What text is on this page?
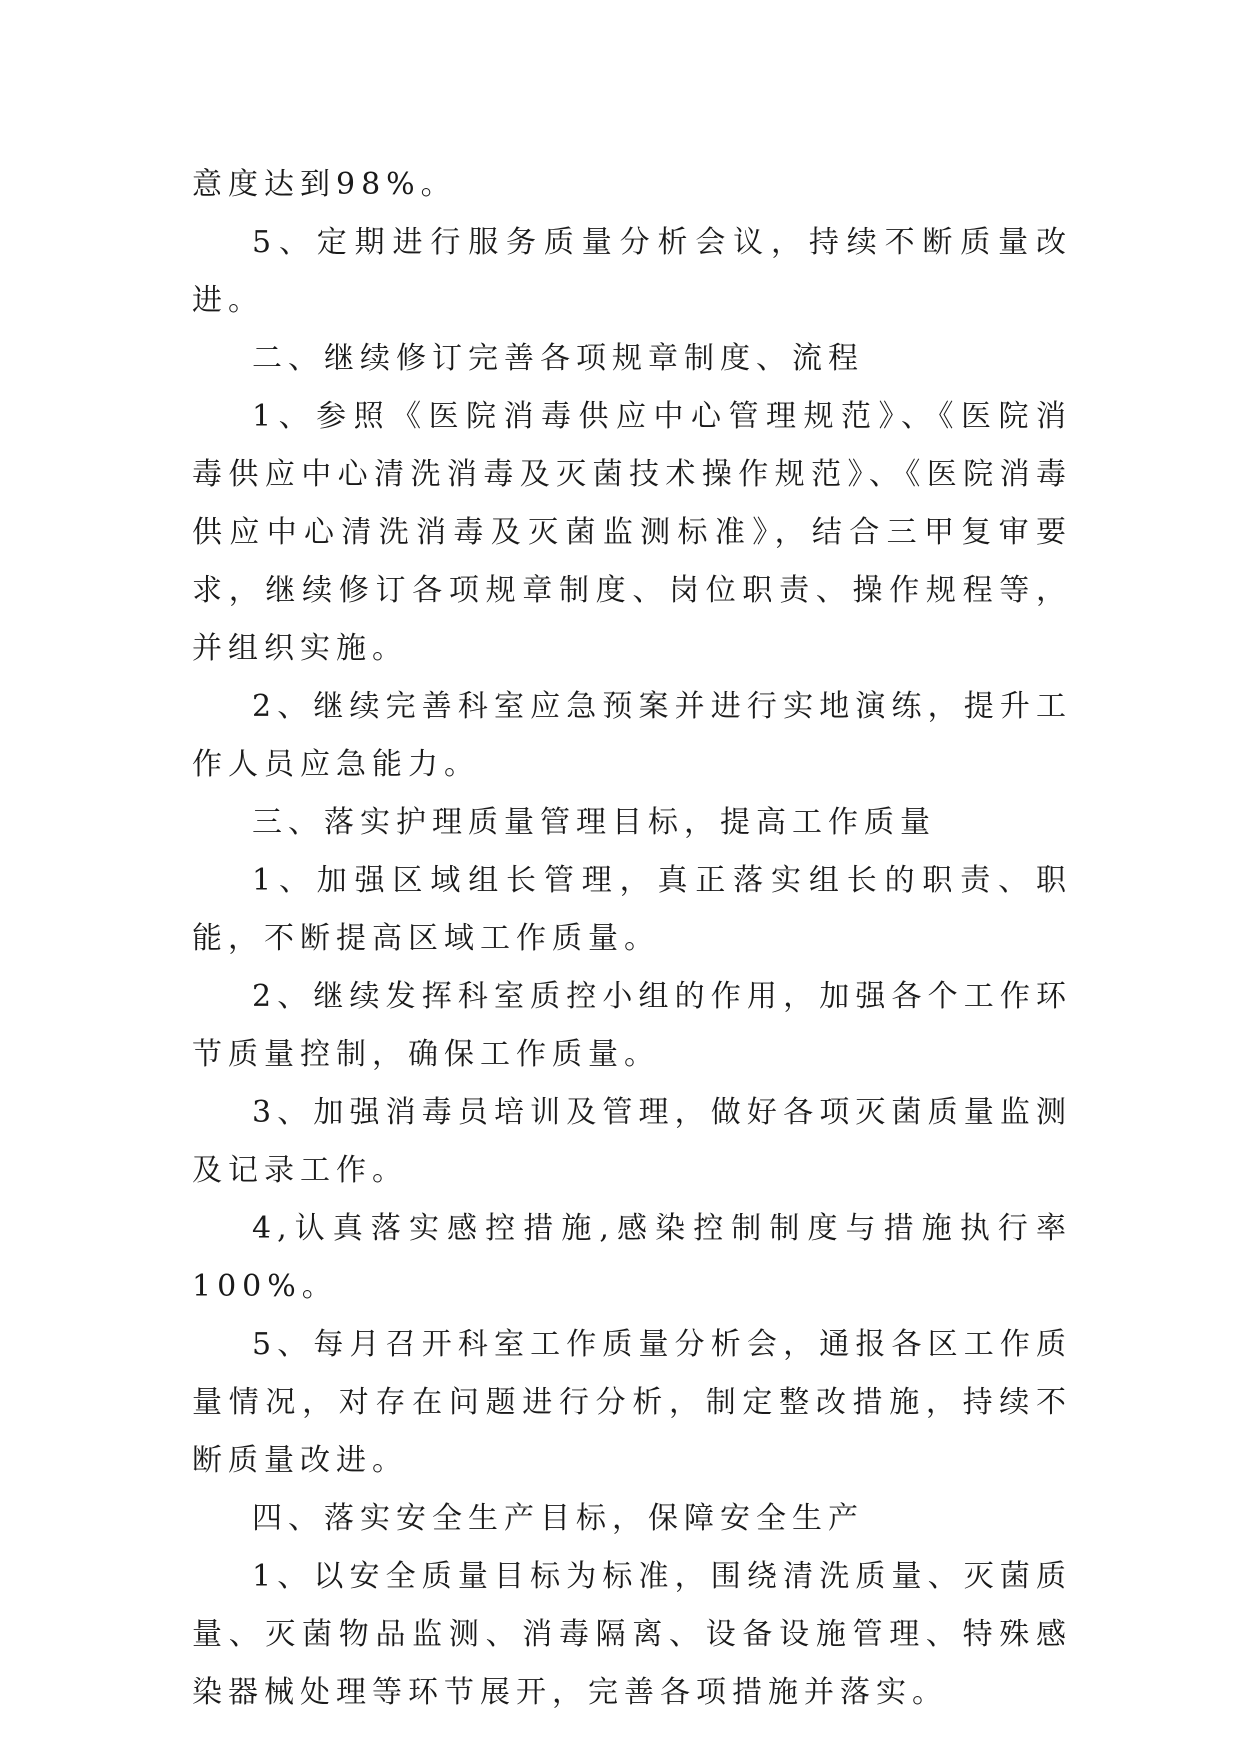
意度达到98%。

5、定期进行服务质量分析会议，持续不断质量改进。

二、继续修订完善各项规章制度、流程

1、参照《医院消毒供应中心管理规范》、《医院消毒供应中心清洗消毒及灭菌技术操作规范》、《医院消毒供应中心清洗消毒及灭菌监测标准》，结合三甲复审要求，继续修订各项规章制度、岗位职责、操作规程等，并组织实施。

2、继续完善科室应急预案并进行实地演练，提升工作人员应急能力。

三、落实护理质量管理目标，提高工作质量

1、加强区域组长管理，真正落实组长的职责、职能，不断提高区域工作质量。

2、继续发挥科室质控小组的作用，加强各个工作环节质量控制，确保工作质量。

3、加强消毒员培训及管理，做好各项灭菌质量监测及记录工作。

4,认真落实感控措施,感染控制制度与措施执行率100%。

5、每月召开科室工作质量分析会，通报各区工作质量情况，对存在问题进行分析，制定整改措施，持续不断质量改进。

四、落实安全生产目标，保障安全生产

1、以安全质量目标为标准，围绕清洗质量、灭菌质量、灭菌物品监测、消毒隔离、设备设施管理、特殊感染器械处理等环节展开，完善各项措施并落实。
